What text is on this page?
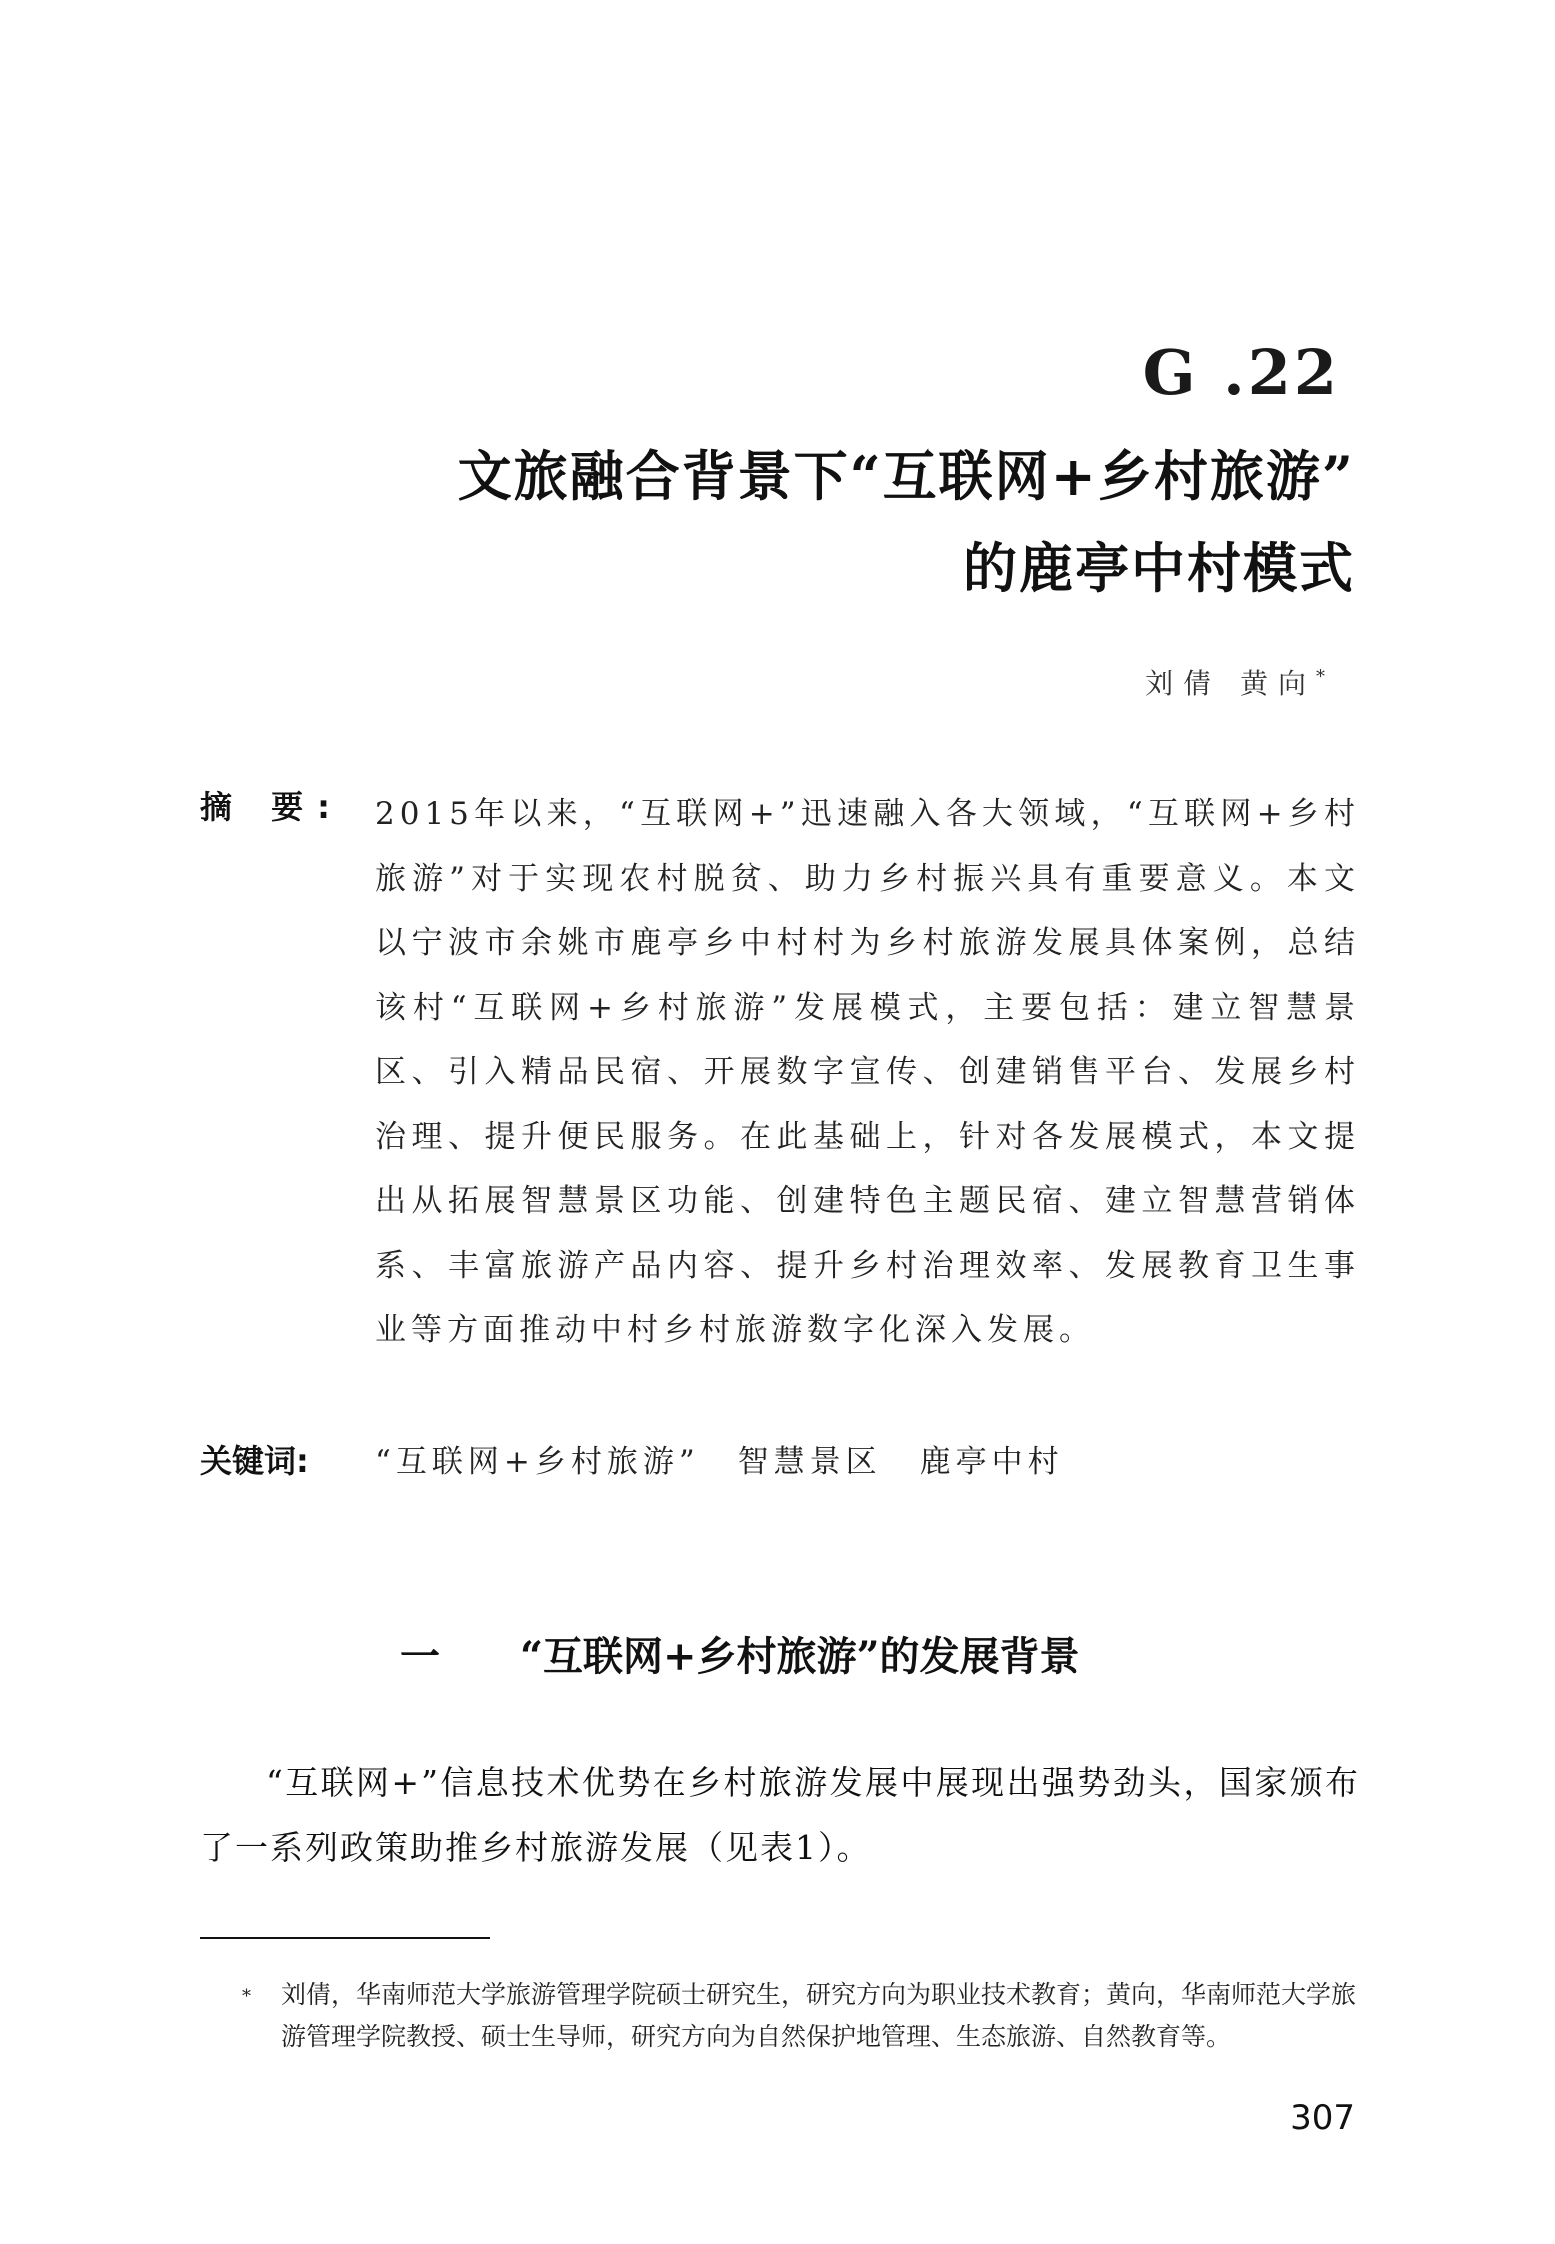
G .22
文旅融合背景下“互联网+乡村旅游”
的鹿亭中村模式
刘倩 黄向*
摘 要: 2015年以来，“互联网+”迅速融入各大领域，“互联网+乡村旅游”对于实现农村脱贫、助力乡村振兴具有重要意义。本文以宁波市余姚市鹿亭乡中村村为乡村旅游发展具体案例，总结该村“互联网+乡村旅游”发展模式，主要包括：建立智慧景区、引入精品民宿、开展数字宣传、创建销售平台、发展乡村治理、提升便民服务。在此基础上，针对各发展模式，本文提出从拓展智慧景区功能、创建特色主题民宿、建立智慧营销体系、丰富旅游产品内容、提升乡村治理效率、发展教育卫生事业等方面推动中村乡村旅游数字化深入发展。
关键词: “互联网+乡村旅游” 智慧景区 鹿亭中村
一 “互联网+乡村旅游”的发展背景

“互联网+”信息技术优势在乡村旅游发展中展现出强势劲头，国家颁布了一系列政策助推乡村旅游发展（见表1）。

*	刘倩，华南师范大学旅游管理学院硕士研究生，研究方向为职业技术教育；黄向，华南师范大学旅游管理学院教授、硕士生导师，研究方向为自然保护地管理、生态旅游、自然教育等。
307
